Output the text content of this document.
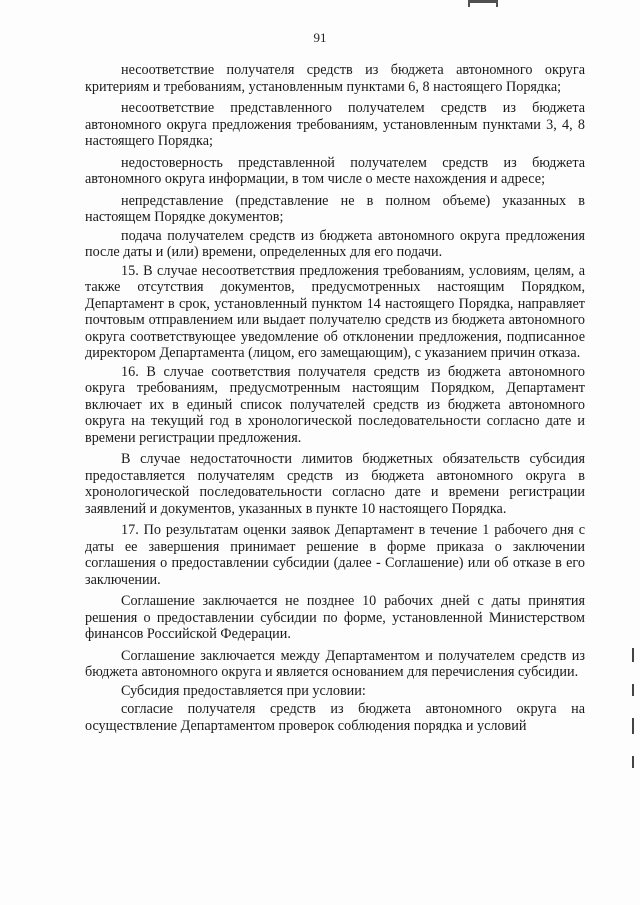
91

несоответствие получателя средств из бюджета автономного округа критериям и требованиям, установленным пунктами 6, 8 настоящего Порядка;

несоответствие представленного получателем средств из бюджета автономного округа предложения требованиям, установленным пунктами 3, 4, 8 настоящего Порядка;

недостоверность представленной получателем средств из бюджета автономного округа информации, в том числе о месте нахождения и адресе;

непредставление (представление не в полном объеме) указанных в настоящем Порядке документов;

подача получателем средств из бюджета автономного округа предложения после даты и (или) времени, определенных для его подачи.

15. В случае несоответствия предложения требованиям, условиям, целям, а также отсутствия документов, предусмотренных настоящим Порядком, Департамент в срок, установленный пунктом 14 настоящего Порядка, направляет почтовым отправлением или выдает получателю средств из бюджета автономного округа соответствующее уведомление об отклонении предложения, подписанное директором Департамента (лицом, его замещающим), с указанием причин отказа.

16. В случае соответствия получателя средств из бюджета автономного округа требованиям, предусмотренным настоящим Порядком, Департамент включает их в единый список получателей средств из бюджета автономного округа на текущий год в хронологической последовательности согласно дате и времени регистрации предложения.

В случае недостаточности лимитов бюджетных обязательств субсидия предоставляется получателям средств из бюджета автономного округа в хронологической последовательности согласно дате и времени регистрации заявлений и документов, указанных в пункте 10 настоящего Порядка.

17. По результатам оценки заявок Департамент в течение 1 рабочего дня с даты ее завершения принимает решение в форме приказа о заключении соглашения о предоставлении субсидии (далее - Соглашение) или об отказе в его заключении.

Соглашение заключается не позднее 10 рабочих дней с даты принятия решения о предоставлении субсидии по форме, установленной Министерством финансов Российской Федерации.

Соглашение заключается между Департаментом и получателем средств из бюджета автономного округа и является основанием для перечисления субсидии.

Субсидия предоставляется при условии:

согласие получателя средств из бюджета автономного округа на осуществление Департаментом проверок соблюдения порядка и условий
